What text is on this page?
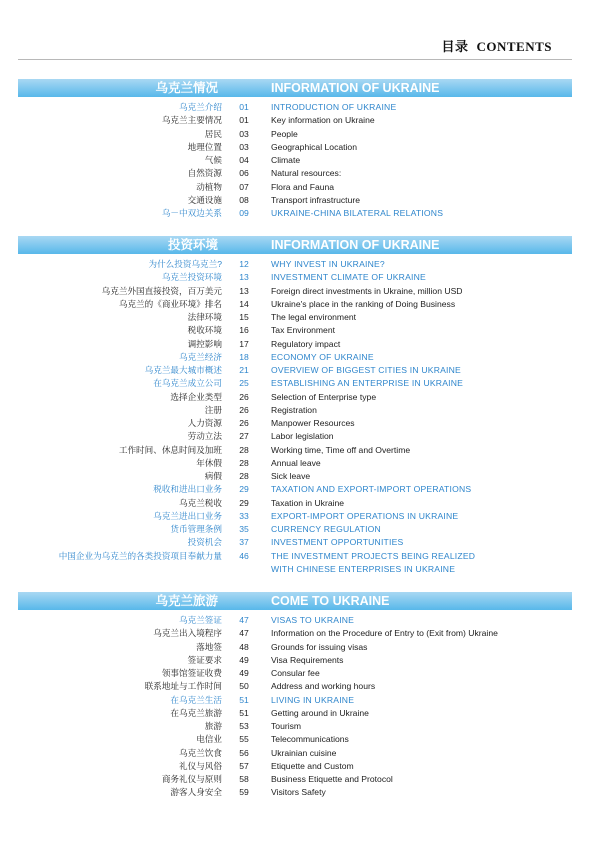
目录 CONTENTS
乌克兰情况	INFORMATION OF UKRAINE
乌克兰介绍	01	INTRODUCTION OF UKRAINE
乌克兰主要情况	01	Key information on Ukraine
居民	03	People
地理位置	03	Geographical Location
气候	04	Climate
自然资源	06	Natural resources:
动植物	07	Flora and Fauna
交通设施	08	Transport infrastructure
乌－中双边关系	09	UKRAINE-CHINA BILATERAL RELATIONS
投资环境	INFORMATION OF UKRAINE
为什么投资乌克兰?	12	WHY INVEST IN UKRAINE?
乌克兰投资环境	13	INVESTMENT CLIMATE OF UKRAINE
乌克兰外国直接投资，百万美元	13	Foreign direct investments in Ukraine, million USD
乌克兰的《商业环境》排名	14	Ukraine's place in the ranking of Doing Business
法律环境	15	The legal environment
税收环境	16	Tax Environment
调控影响	17	Regulatory impact
乌克兰经济	18	ECONOMY OF UKRAINE
乌克兰最大城市概述	21	OVERVIEW OF BIGGEST CITIES IN UKRAINE
在乌克兰成立公司	25	ESTABLISHING AN ENTERPRISE IN UKRAINE
选择企业类型	26	Selection of Enterprise type
注册	26	Registration
人力资源	26	Manpower Resources
劳动立法	27	Labor legislation
工作时间、休息时间及加班	28	Working time, Time off and Overtime
年休假	28	Annual leave
病假	28	Sick leave
税收和进出口业务	29	TAXATION AND EXPORT-IMPORT OPERATIONS
乌克兰税收	29	Taxation in Ukraine
乌克兰进出口业务	33	EXPORT-IMPORT OPERATIONS IN UKRAINE
货币管理条例	35	CURRENCY REGULATION
投资机会	37	INVESTMENT OPPORTUNITIES
中国企业为乌克兰的各类投资项目奉献力量	46	THE INVESTMENT PROJECTS BEING REALIZED
WITH CHINESE ENTERPRISES IN UKRAINE
乌克兰旅游	COME TO UKRAINE
乌克兰签证	47	VISAS TO UKRAINE
乌克兰出入境程序	47	Information on the Procedure of Entry to (Exit from) Ukraine
落地签	48	Grounds for issuing visas
签证要求	49	Visa Requirements
领事馆签证收费	49	Consular fee
联系地址与工作时间	50	Address and working hours
在乌克兰生活	51	LIVING IN UKRAINE
在乌克兰旅游	51	Getting around in Ukraine
旅游	53	Tourism
电信业	55	Telecommunications
乌克兰饮食	56	Ukrainian cuisine
礼仪与风俗	57	Etiquette and Custom
商务礼仪与原则	58	Business Etiquette and Protocol
游客人身安全	59	Visitors Safety
